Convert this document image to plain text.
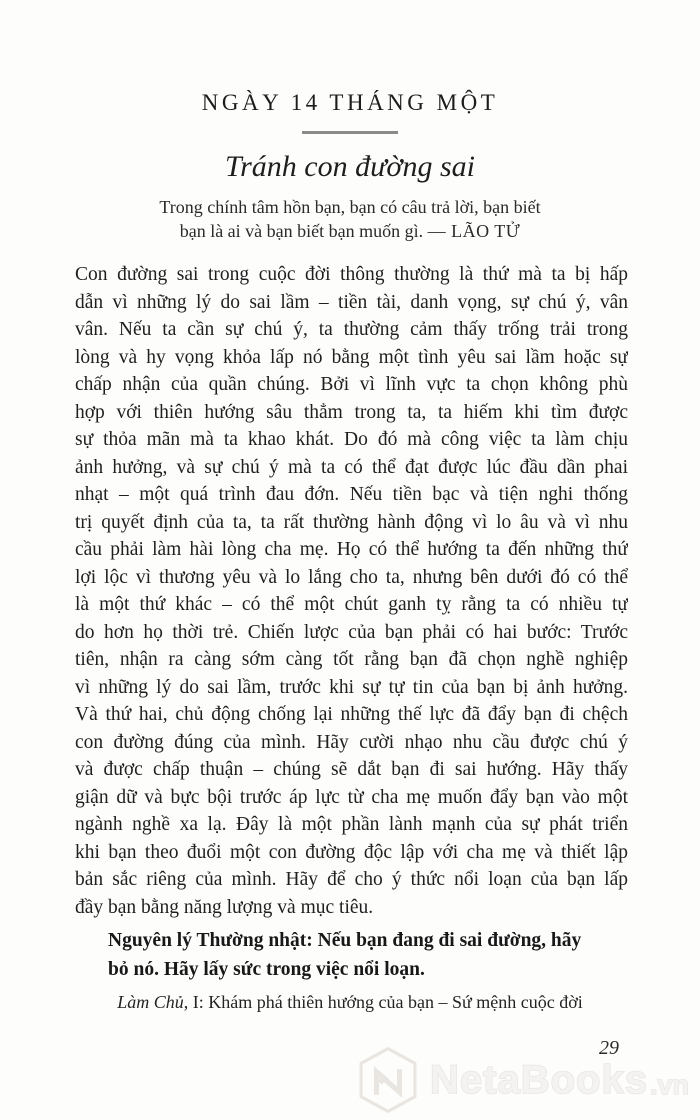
NGÀY 14 THÁNG MỘT
Tránh con đường sai
Trong chính tâm hồn bạn, bạn có câu trả lời, bạn biết
bạn là ai và bạn biết bạn muốn gì. — LÃO TỬ
Con đường sai trong cuộc đời thông thường là thứ mà ta bị hấp
dẫn vì những lý do sai lầm – tiền tài, danh vọng, sự chú ý, vân
vân. Nếu ta cần sự chú ý, ta thường cảm thấy trống trải trong
lòng và hy vọng khỏa lấp nó bằng một tình yêu sai lầm hoặc sự
chấp nhận của quần chúng. Bởi vì lĩnh vực ta chọn không phù
hợp với thiên hướng sâu thẳm trong ta, ta hiếm khi tìm được
sự thỏa mãn mà ta khao khát. Do đó mà công việc ta làm chịu
ảnh hưởng, và sự chú ý mà ta có thể đạt được lúc đầu dần phai
nhạt – một quá trình đau đớn. Nếu tiền bạc và tiện nghi thống
trị quyết định của ta, ta rất thường hành động vì lo âu và vì nhu
cầu phải làm hài lòng cha mẹ. Họ có thể hướng ta đến những thứ
lợi lộc vì thương yêu và lo lắng cho ta, nhưng bên dưới đó có thể
là một thứ khác – có thể một chút ganh tỵ rằng ta có nhiều tự
do hơn họ thời trẻ. Chiến lược của bạn phải có hai bước: Trước
tiên, nhận ra càng sớm càng tốt rằng bạn đã chọn nghề nghiệp
vì những lý do sai lầm, trước khi sự tự tin của bạn bị ảnh hưởng.
Và thứ hai, chủ động chống lại những thế lực đã đẩy bạn đi chệch
con đường đúng của mình. Hãy cười nhạo nhu cầu được chú ý
và được chấp thuận – chúng sẽ dắt bạn đi sai hướng. Hãy thấy
giận dữ và bực bội trước áp lực từ cha mẹ muốn đẩy bạn vào một
ngành nghề xa lạ. Đây là một phần lành mạnh của sự phát triển
khi bạn theo đuổi một con đường độc lập với cha mẹ và thiết lập
bản sắc riêng của mình. Hãy để cho ý thức nổi loạn của bạn lấp
đầy bạn bằng năng lượng và mục tiêu.
Nguyên lý Thường nhật: Nếu bạn đang đi sai đường, hãy
bỏ nó. Hãy lấy sức trong việc nổi loạn.
Làm Chủ, I: Khám phá thiên hướng của bạn – Sứ mệnh cuộc đời
29
NetaBooks .vn
